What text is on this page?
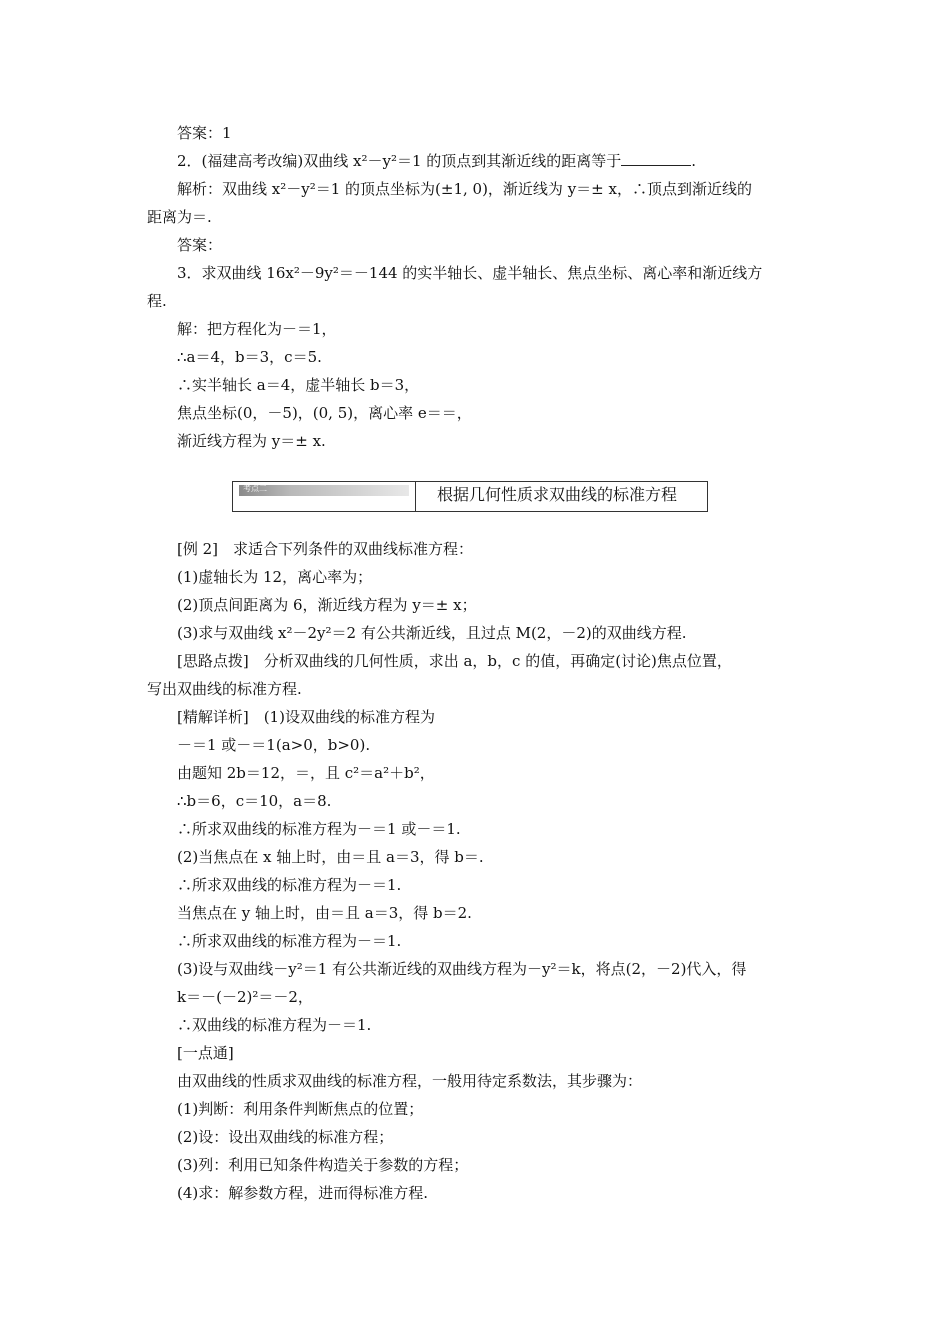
答案：1
2．(福建高考改编)双曲线 x²－y²＝1 的顶点到其渐近线的距离等于	.
解析：双曲线 x²－y²＝1 的顶点坐标为(±1, 0)，渐近线为 y＝± x，∴顶点到渐近线的
距离为＝.
答案：
3．求双曲线 16x²－9y²＝－144 的实半轴长、虚半轴长、焦点坐标、离心率和渐近线方
程.
解：把方程化为－＝1，
∴a＝4，b＝3，c＝5.
∴实半轴长 a＝4，虚半轴长 b＝3，
焦点坐标(0，－5)，(0, 5)，离心率 e＝＝，
渐近线方程为 y＝± x.
考点二	根据几何性质求双曲线的标准方程
[例 2]　求适合下列条件的双曲线标准方程：
(1)虚轴长为 12，离心率为；
(2)顶点间距离为 6，渐近线方程为 y＝± x；
(3)求与双曲线 x²－2y²＝2 有公共渐近线，且过点 M(2，－2)的双曲线方程.
[思路点拨]　分析双曲线的几何性质，求出 a，b，c 的值，再确定(讨论)焦点位置，
写出双曲线的标准方程.
[精解详析]　(1)设双曲线的标准方程为
－＝1 或－＝1(a>0，b>0).
由题知 2b＝12，＝，且 c²＝a²＋b²，
∴b＝6，c＝10，a＝8.
∴所求双曲线的标准方程为－＝1 或－＝1.
(2)当焦点在 x 轴上时，由＝且 a＝3，得 b＝.
∴所求双曲线的标准方程为－＝1.
当焦点在 y 轴上时，由＝且 a＝3，得 b＝2.
∴所求双曲线的标准方程为－＝1.
(3)设与双曲线－y²＝1 有公共渐近线的双曲线方程为－y²＝k，将点(2，－2)代入，得
k＝－(－2)²＝－2，
∴双曲线的标准方程为－＝1.
[一点通]
由双曲线的性质求双曲线的标准方程，一般用待定系数法，其步骤为：
(1)判断：利用条件判断焦点的位置；
(2)设：设出双曲线的标准方程；
(3)列：利用已知条件构造关于参数的方程；
(4)求：解参数方程，进而得标准方程.
